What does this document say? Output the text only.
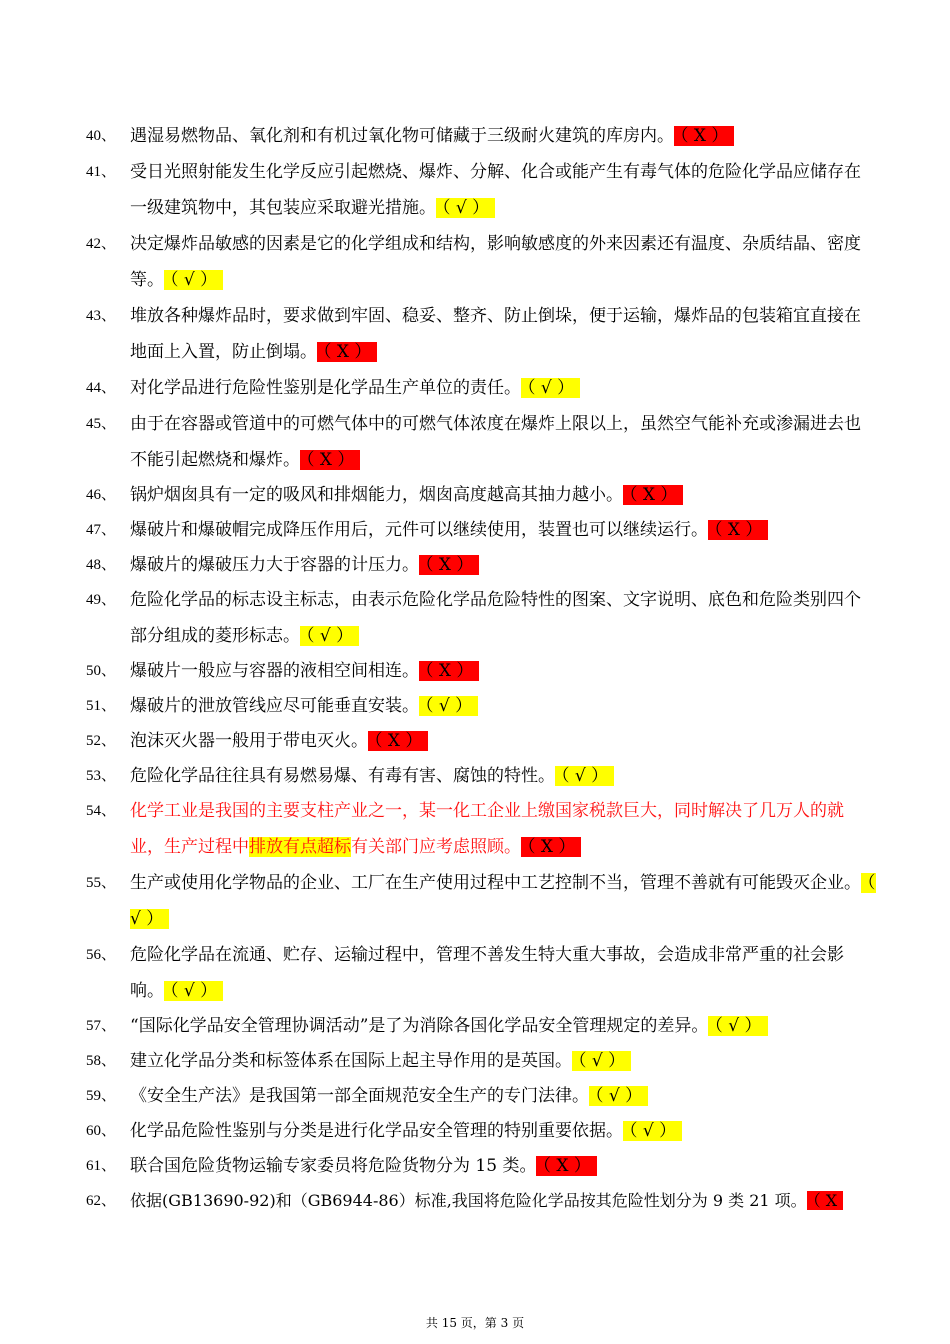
40、 遇湿易燃物品、氧化剂和有机过氧化物可储藏于三级耐火建筑的库房内。 （ X ）
41、 受日光照射能发生化学反应引起燃烧、爆炸、分解、化合或能产生有毒气体的危险化学品应储存在一级建筑物中，其包装应采取避光措施。 （ √ ）
42、 决定爆炸品敏感的因素是它的化学组成和结构，影响敏感度的外来因素还有温度、杂质结晶、密度等。 （ √ ）
43、 堆放各种爆炸品时，要求做到牢固、稳妥、整齐、防止倒垛，便于运输，爆炸品的包装箱宜直接在地面上入置，防止倒塌。 （ X ）
44、 对化学品进行危险性鉴别是化学品生产单位的责任。 （ √ ）
45、 由于在容器或管道中的可燃气体中的可燃气体浓度在爆炸上限以上，虽然空气能补充或渗漏进去也不能引起燃烧和爆炸。 （ X ）
46、 锅炉烟囱具有一定的吸风和排烟能力，烟囱高度越高其抽力越小。 （ X ）
47、 爆破片和爆破帽完成降压作用后，元件可以继续使用，装置也可以继续运行。 （ X ）
48、 爆破片的爆破压力大于容器的计压力。 （ X ）
49、 危险化学品的标志设主标志，由表示危险化学品危险特性的图案、文字说明、底色和危险类别四个部分组成的菱形标志。 （ √ ）
50、 爆破片一般应与容器的液相空间相连。 （ X ）
51、 爆破片的泄放管线应尽可能垂直安装。 （ √ ）
52、 泡沫灭火器一般用于带电灭火。 （ X ）
53、 危险化学品往往具有易燃易爆、有毒有害、腐蚀的特性。 （ √ ）
54、 化学工业是我国的主要支柱产业之一，某一化工企业上缴国家税款巨大，同时解决了几万人的就业，生产过程中排放有点超标有关部门应考虑照顾。 （ X ）
55、 生产或使用化学物品的企业、工厂在生产使用过程中工艺控制不当，管理不善就有可能毁灭企业。 （ √ ）
56、 危险化学品在流通、贮存、运输过程中，管理不善发生特大重大事故，会造成非常严重的社会影响。 （ √ ）
57、 “国际化学品安全管理协调活动”是了为消除各国化学品安全管理规定的差异。 （ √ ）
58、 建立化学品分类和标签体系在国际上起主导作用的是英国。 （ √ ）
59、 《安全生产法》是我国第一部全面规范安全生产的专门法律。 （ √ ）
60、 化学品危险性鉴别与分类是进行化学品安全管理的特别重要依据。 （ √ ）
61、 联合国危险货物运输专家委员将危险货物分为 15 类。 （ X ）
62、 依据(GB13690-92)和（GB6944-86）标准,我国将危险化学品按其危险性划分为 9 类 21 项。 （ X
共 15 页，第 3 页
